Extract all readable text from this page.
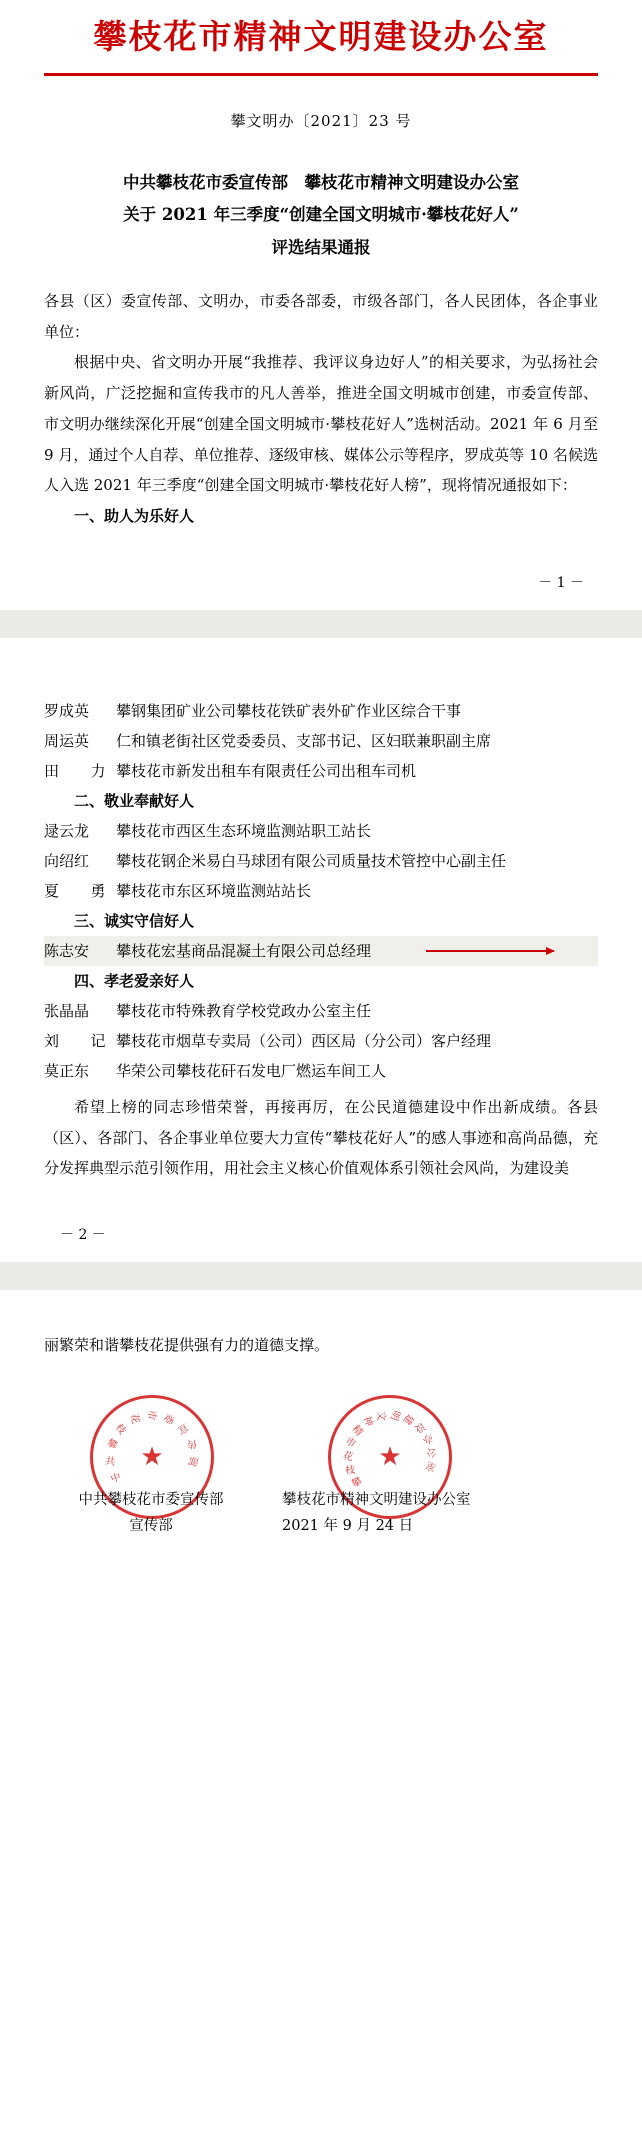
攀枝花市精神文明建设办公室
攀文明办〔2021〕23 号
中共攀枝花市委宣传部　攀枝花市精神文明建设办公室
关于 2021 年三季度“创建全国文明城市·攀枝花好人”
评选结果通报

各县（区）委宣传部、文明办，市委各部委，市级各部门，各人民团体，各企事业单位：

根据中央、省文明办开展“我推荐、我评议身边好人”的相关要求，为弘扬社会新风尚，广泛挖掘和宣传我市的凡人善举，推进全国文明城市创建，市委宣传部、市文明办继续深化开展“创建全国文明城市·攀枝花好人”选树活动。2021 年 6 月至 9 月，通过个人自荐、单位推荐、逐级审核、媒体公示等程序，罗成英等 10 名候选人入选 2021 年三季度“创建全国文明城市·攀枝花好人榜”，现将情况通报如下：

一、助人为乐好人

－ 1 －
罗成英	攀钢集团矿业公司攀枝花铁矿表外矿作业区综合干事
周运英	仁和镇老街社区党委委员、支部书记、区妇联兼职副主席
田　力 攀枝花市新发出租车有限责任公司出租车司机

二、敬业奉献好人

逯云龙	攀枝花市西区生态环境监测站职工站长
向绍红	攀枝花钢企米易白马球团有限公司质量技术管控中心副主任
夏　勇 攀枝花市东区环境监测站站长

三、诚实守信好人

陈志安	攀枝花宏基商品混凝土有限公司总经理

四、孝老爱亲好人

张晶晶	攀枝花市特殊教育学校党政办公室主任
刘　记 攀枝花市烟草专卖局（公司）西区局（分公司）客户经理
莫正东	华荣公司攀枝花矸石发电厂燃运车间工人

希望上榜的同志珍惜荣誉，再接再厉，在公民道德建设中作出新成绩。各县（区）、各部门、各企事业单位要大力宣传“攀枝花好人”的感人事迹和高尚品德，充分发挥典型示范引领作用，用社会主义核心价值观体系引领社会风尚，为建设美

－ 2 －

丽繁荣和谐攀枝花提供强有力的道德支撑。

★
中
共
攀
枝
花 市 委
宣
传
部	★
攀
枝
花
市
精
神 文 明 建
设
办
公
室
中共攀枝花市委宣传部
宣传部
攀枝花市精神文明建设办公室
2021 年 9 月 24 日
